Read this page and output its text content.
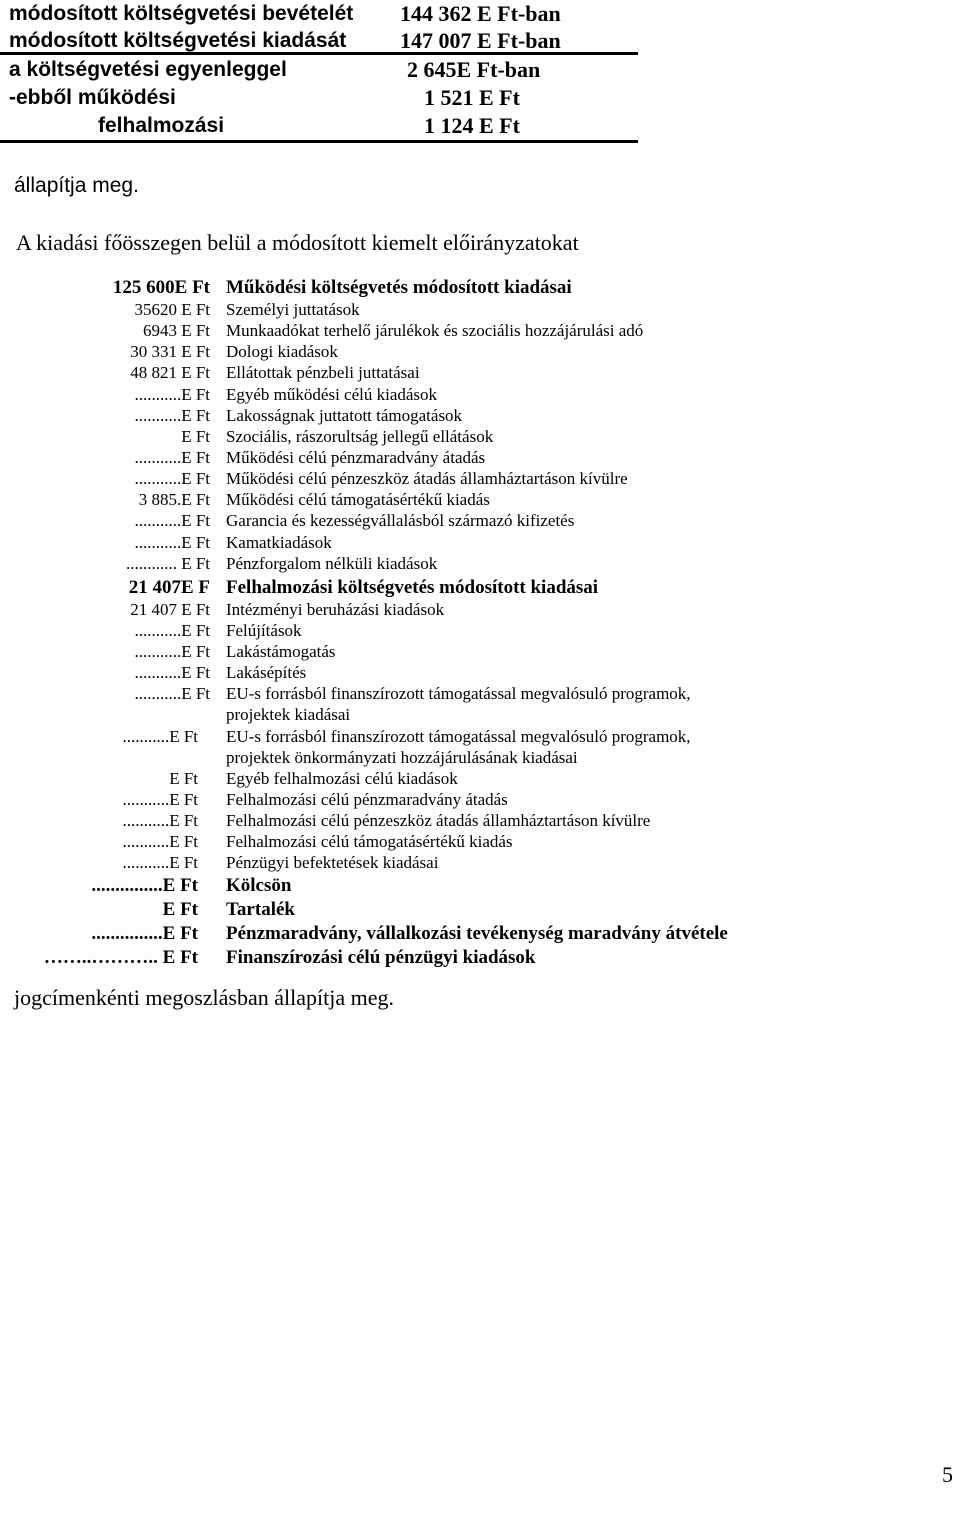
módosított költségvetési bevételét 144 362 E Ft-ban
módosított költségvetési kiadását 147 007 E Ft-ban
a költségvetési egyenleggel	2 645E Ft-ban
-ebből működési	1 521 E Ft
felhalmozási	1 124 E Ft
állapítja meg.
A kiadási főösszegen belül a módosított kiemelt előirányzatokat
125 600E Ft Működési költségvetés módosított kiadásai
35620 E Ft Személyi juttatások
6943 E Ft Munkaadókat terhelő járulékok és szociális hozzájárulási adó
30 331 E Ft Dologi kiadások
48 821 E Ft Ellátottak pénzbeli juttatásai
...........E Ft Egyéb működési célú kiadások
...........E Ft Lakosságnak juttatott támogatások
E Ft Szociális, rászorultság jellegű ellátások
...........E Ft Működési célú pénzmaradvány átadás
...........E Ft Működési célú pénzeszköz átadás államháztartáson kívülre
3 885.E Ft Működési célú támogatásértékű kiadás
...........E Ft Garancia és kezességvállalásból származó kifizetés
...........E Ft Kamatkiadások
............ E Ft Pénzforgalom nélküli kiadások
21 407E F Felhalmozási költségvetés módosított kiadásai
21 407 E Ft Intézményi beruházási kiadások
...........E Ft Felújítások
...........E Ft Lakástámogatás
...........E Ft Lakásépítés
...........E Ft EU-s forrásból finanszírozott támogatással megvalósuló programok,
projektek kiadásai
...........E Ft EU-s forrásból finanszírozott támogatással megvalósuló programok,
projektek önkormányzati hozzájárulásának kiadásai
E Ft Egyéb felhalmozási célú kiadások
...........E Ft Felhalmozási célú pénzmaradvány átadás
...........E Ft Felhalmozási célú pénzeszköz átadás államháztartáson kívülre
...........E Ft Felhalmozási célú támogatásértékű kiadás
...........E Ft Pénzügyi befektetések kiadásai
...............E Ft Kölcsön
E Ft Tartalék
...............E Ft Pénzmaradvány, vállalkozási tevékenység maradvány átvétele
……..……….. E Ft Finanszírozási célú pénzügyi kiadások
jogcímenkénti megoszlásban állapítja meg.
5
